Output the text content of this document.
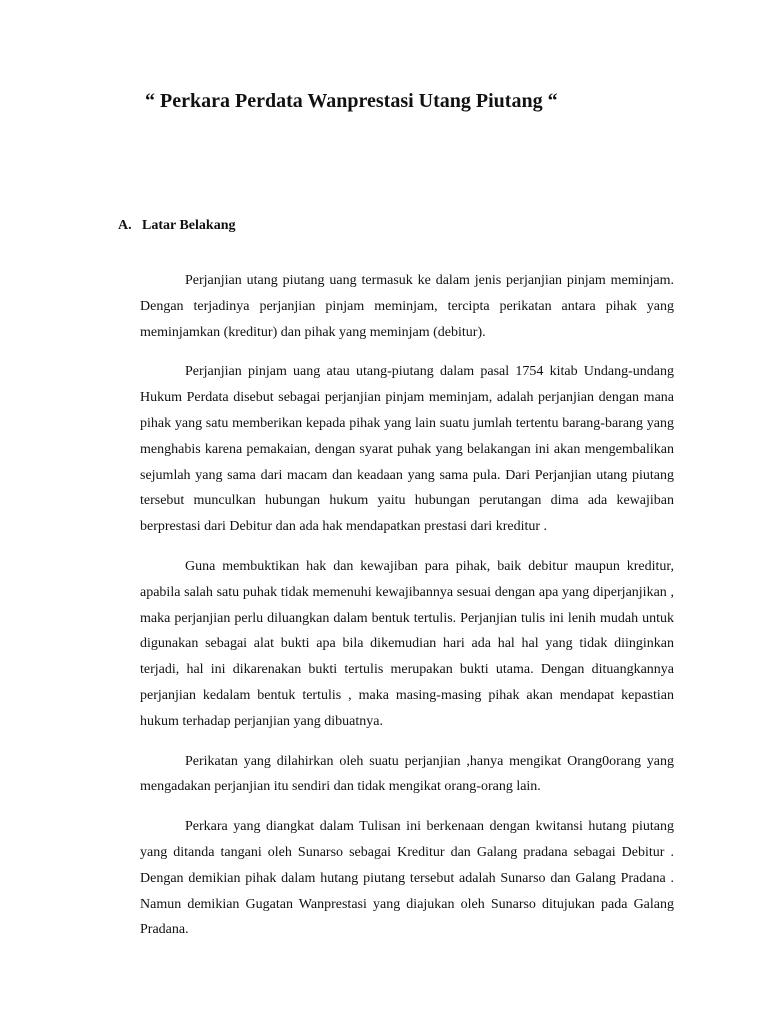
“ Perkara Perdata Wanprestasi Utang Piutang “
A. Latar Belakang

Perjanjian utang piutang uang termasuk ke dalam jenis perjanjian pinjam meminjam. Dengan terjadinya perjanjian pinjam meminjam, tercipta perikatan antara pihak yang meminjamkan (kreditur) dan pihak yang meminjam (debitur).

Perjanjian pinjam uang atau utang-piutang dalam pasal 1754 kitab Undang-undang Hukum Perdata disebut sebagai perjanjian pinjam meminjam, adalah perjanjian dengan mana pihak yang satu memberikan kepada pihak yang lain suatu jumlah tertentu barang-barang yang menghabis karena pemakaian, dengan syarat puhak yang belakangan ini akan mengembalikan sejumlah yang sama dari macam dan keadaan yang sama pula. Dari Perjanjian utang piutang tersebut munculkan hubungan hukum yaitu hubungan perutangan dima ada kewajiban berprestasi dari Debitur dan ada hak mendapatkan prestasi dari kreditur .

Guna membuktikan hak dan kewajiban para pihak, baik debitur maupun kreditur, apabila salah satu puhak tidak memenuhi kewajibannya sesuai dengan apa yang diperjanjikan , maka perjanjian perlu diluangkan dalam bentuk tertulis. Perjanjian tulis ini lenih mudah untuk digunakan sebagai alat bukti apa bila dikemudian hari ada hal hal yang tidak diinginkan terjadi, hal ini dikarenakan bukti tertulis merupakan bukti utama. Dengan dituangkannya perjanjian kedalam bentuk tertulis , maka masing-masing pihak akan mendapat kepastian hukum terhadap perjanjian yang dibuatnya.

Perikatan yang dilahirkan oleh suatu perjanjian ,hanya mengikat Orang0orang yang mengadakan perjanjian itu sendiri dan tidak mengikat orang-orang lain.

Perkara yang diangkat dalam Tulisan ini berkenaan dengan kwitansi hutang piutang yang ditanda tangani oleh Sunarso sebagai Kreditur dan Galang pradana sebagai Debitur . Dengan demikian pihak dalam hutang piutang tersebut adalah Sunarso dan Galang Pradana . Namun demikian Gugatan Wanprestasi yang diajukan oleh Sunarso ditujukan pada Galang Pradana.
